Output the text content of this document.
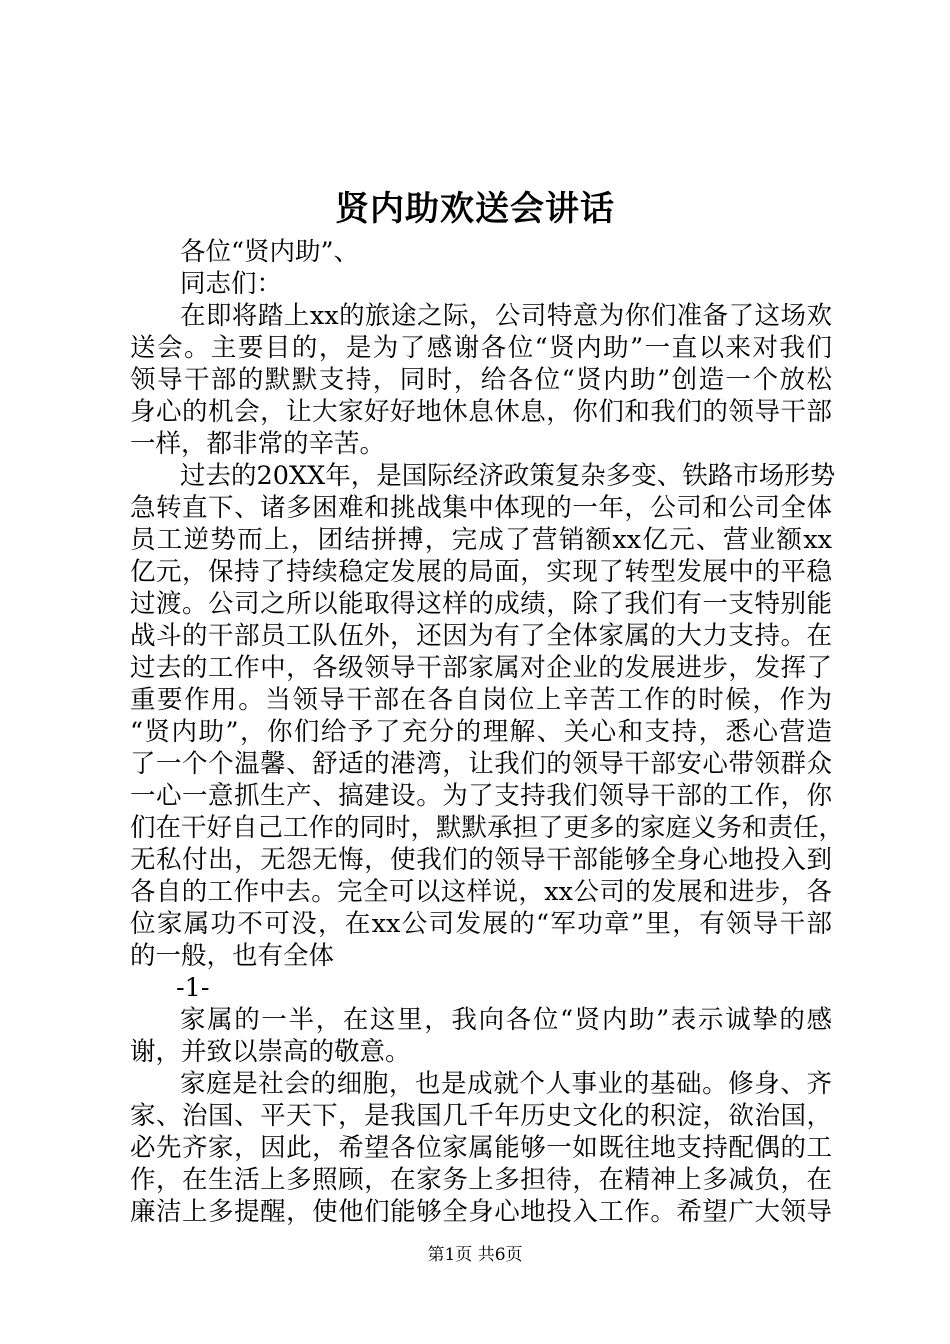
贤内助欢送会讲话
各位“贤内助”、
同志们：
在即将踏上xx的旅途之际，公司特意为你们准备了这场欢
送会。主要目的，是为了感谢各位“贤内助”一直以来对我们
领导干部的默默支持，同时，给各位“贤内助”创造一个放松
身心的机会，让大家好好地休息休息，你们和我们的领导干部
一样，都非常的辛苦。
过去的20XX年，是国际经济政策复杂多变、铁路市场形势
急转直下、诸多困难和挑战集中体现的一年，公司和公司全体
员工逆势而上，团结拼搏，完成了营销额xx亿元、营业额xx
亿元，保持了持续稳定发展的局面，实现了转型发展中的平稳
过渡。公司之所以能取得这样的成绩，除了我们有一支特别能
战斗的干部员工队伍外，还因为有了全体家属的大力支持。在
过去的工作中，各级领导干部家属对企业的发展进步，发挥了
重要作用。当领导干部在各自岗位上辛苦工作的时候，作为
“贤内助”，你们给予了充分的理解、关心和支持，悉心营造
了一个个温馨、舒适的港湾，让我们的领导干部安心带领群众
一心一意抓生产、搞建设。为了支持我们领导干部的工作，你
们在干好自己工作的同时，默默承担了更多的家庭义务和责任，
无私付出，无怨无悔，使我们的领导干部能够全身心地投入到
各自的工作中去。完全可以这样说，xx公司的发展和进步，各
位家属功不可没，在xx公司发展的“军功章”里，有领导干部
的一般，也有全体
-1-
家属的一半，在这里，我向各位“贤内助”表示诚挚的感
谢，并致以崇高的敬意。
家庭是社会的细胞，也是成就个人事业的基础。修身、齐
家、治国、平天下，是我国几千年历史文化的积淀，欲治国，
必先齐家，因此，希望各位家属能够一如既往地支持配偶的工
作，在生活上多照顾，在家务上多担待，在精神上多减负，在
廉洁上多提醒，使他们能够全身心地投入工作。希望广大领导
第1页 共6页
